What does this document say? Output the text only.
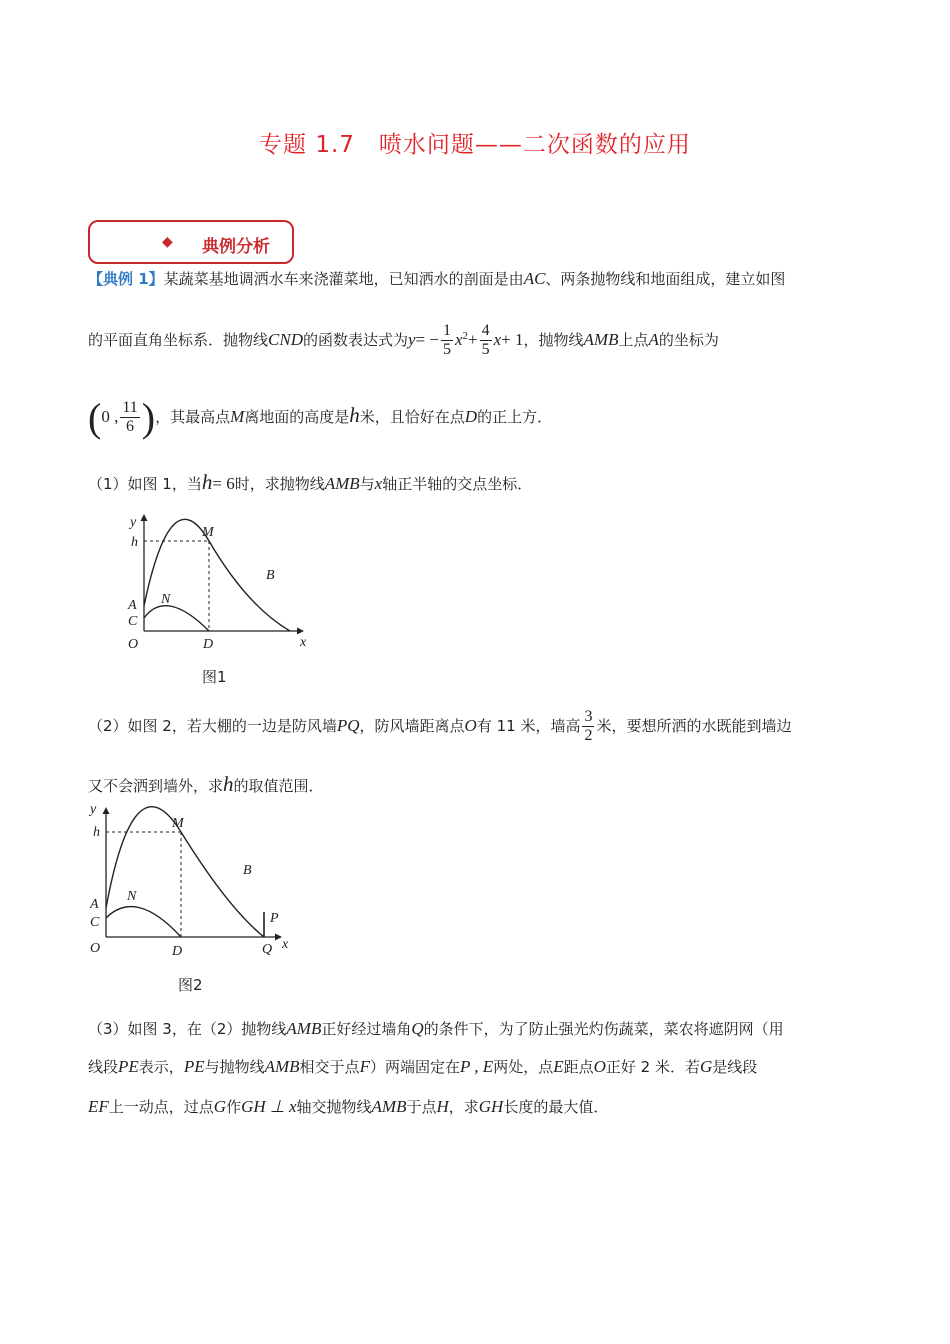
专题 1.7　喷水问题——二次函数的应用
◆ 典例分析
【典例 1】某蔬菜基地调洒水车来浇灌菜地，已知洒水的剖面是由AC、两条抛物线和地面组成，建立如图
的平面直角坐标系．抛物线CND的函数表达式为$y= - \frac{1}{5} x^2+ \frac{4}{5} x+ 1$，抛物线AMB上点A的坐标为
(0 , $\frac{11}{6}$ )，其最高点M离地面的高度是h米，且恰好在点D的正上方．
（1）如图 1，当h= 6时，求抛物线AMB与x轴正半轴的交点坐标．
y
h
M
B
A N
C
O	D	x
图1
（2）如图 2，若大棚的一边是防风墙PQ，防风墙距离点O有 11 米，墙高 $\frac{3}{2}$ 米，要想所洒的水既能到墙边
又不会洒到墙外，求h的取值范围．
y
h
M
B
A
N
C	P
O	D	Q x
图2
（3）如图 3，在（2）抛物线AMB正好经过墙角Q的条件下，为了防止强光灼伤蔬菜，菜农将遮阴网（用
线段PE表示，PE与抛物线AMB相交于点F）两端固定在P , E两处，点E距点O正好 2 米．若G是线段
EF上一动点，过点G作GH ⊥ x轴交抛物线AMB于点H，求GH长度的最大值．
